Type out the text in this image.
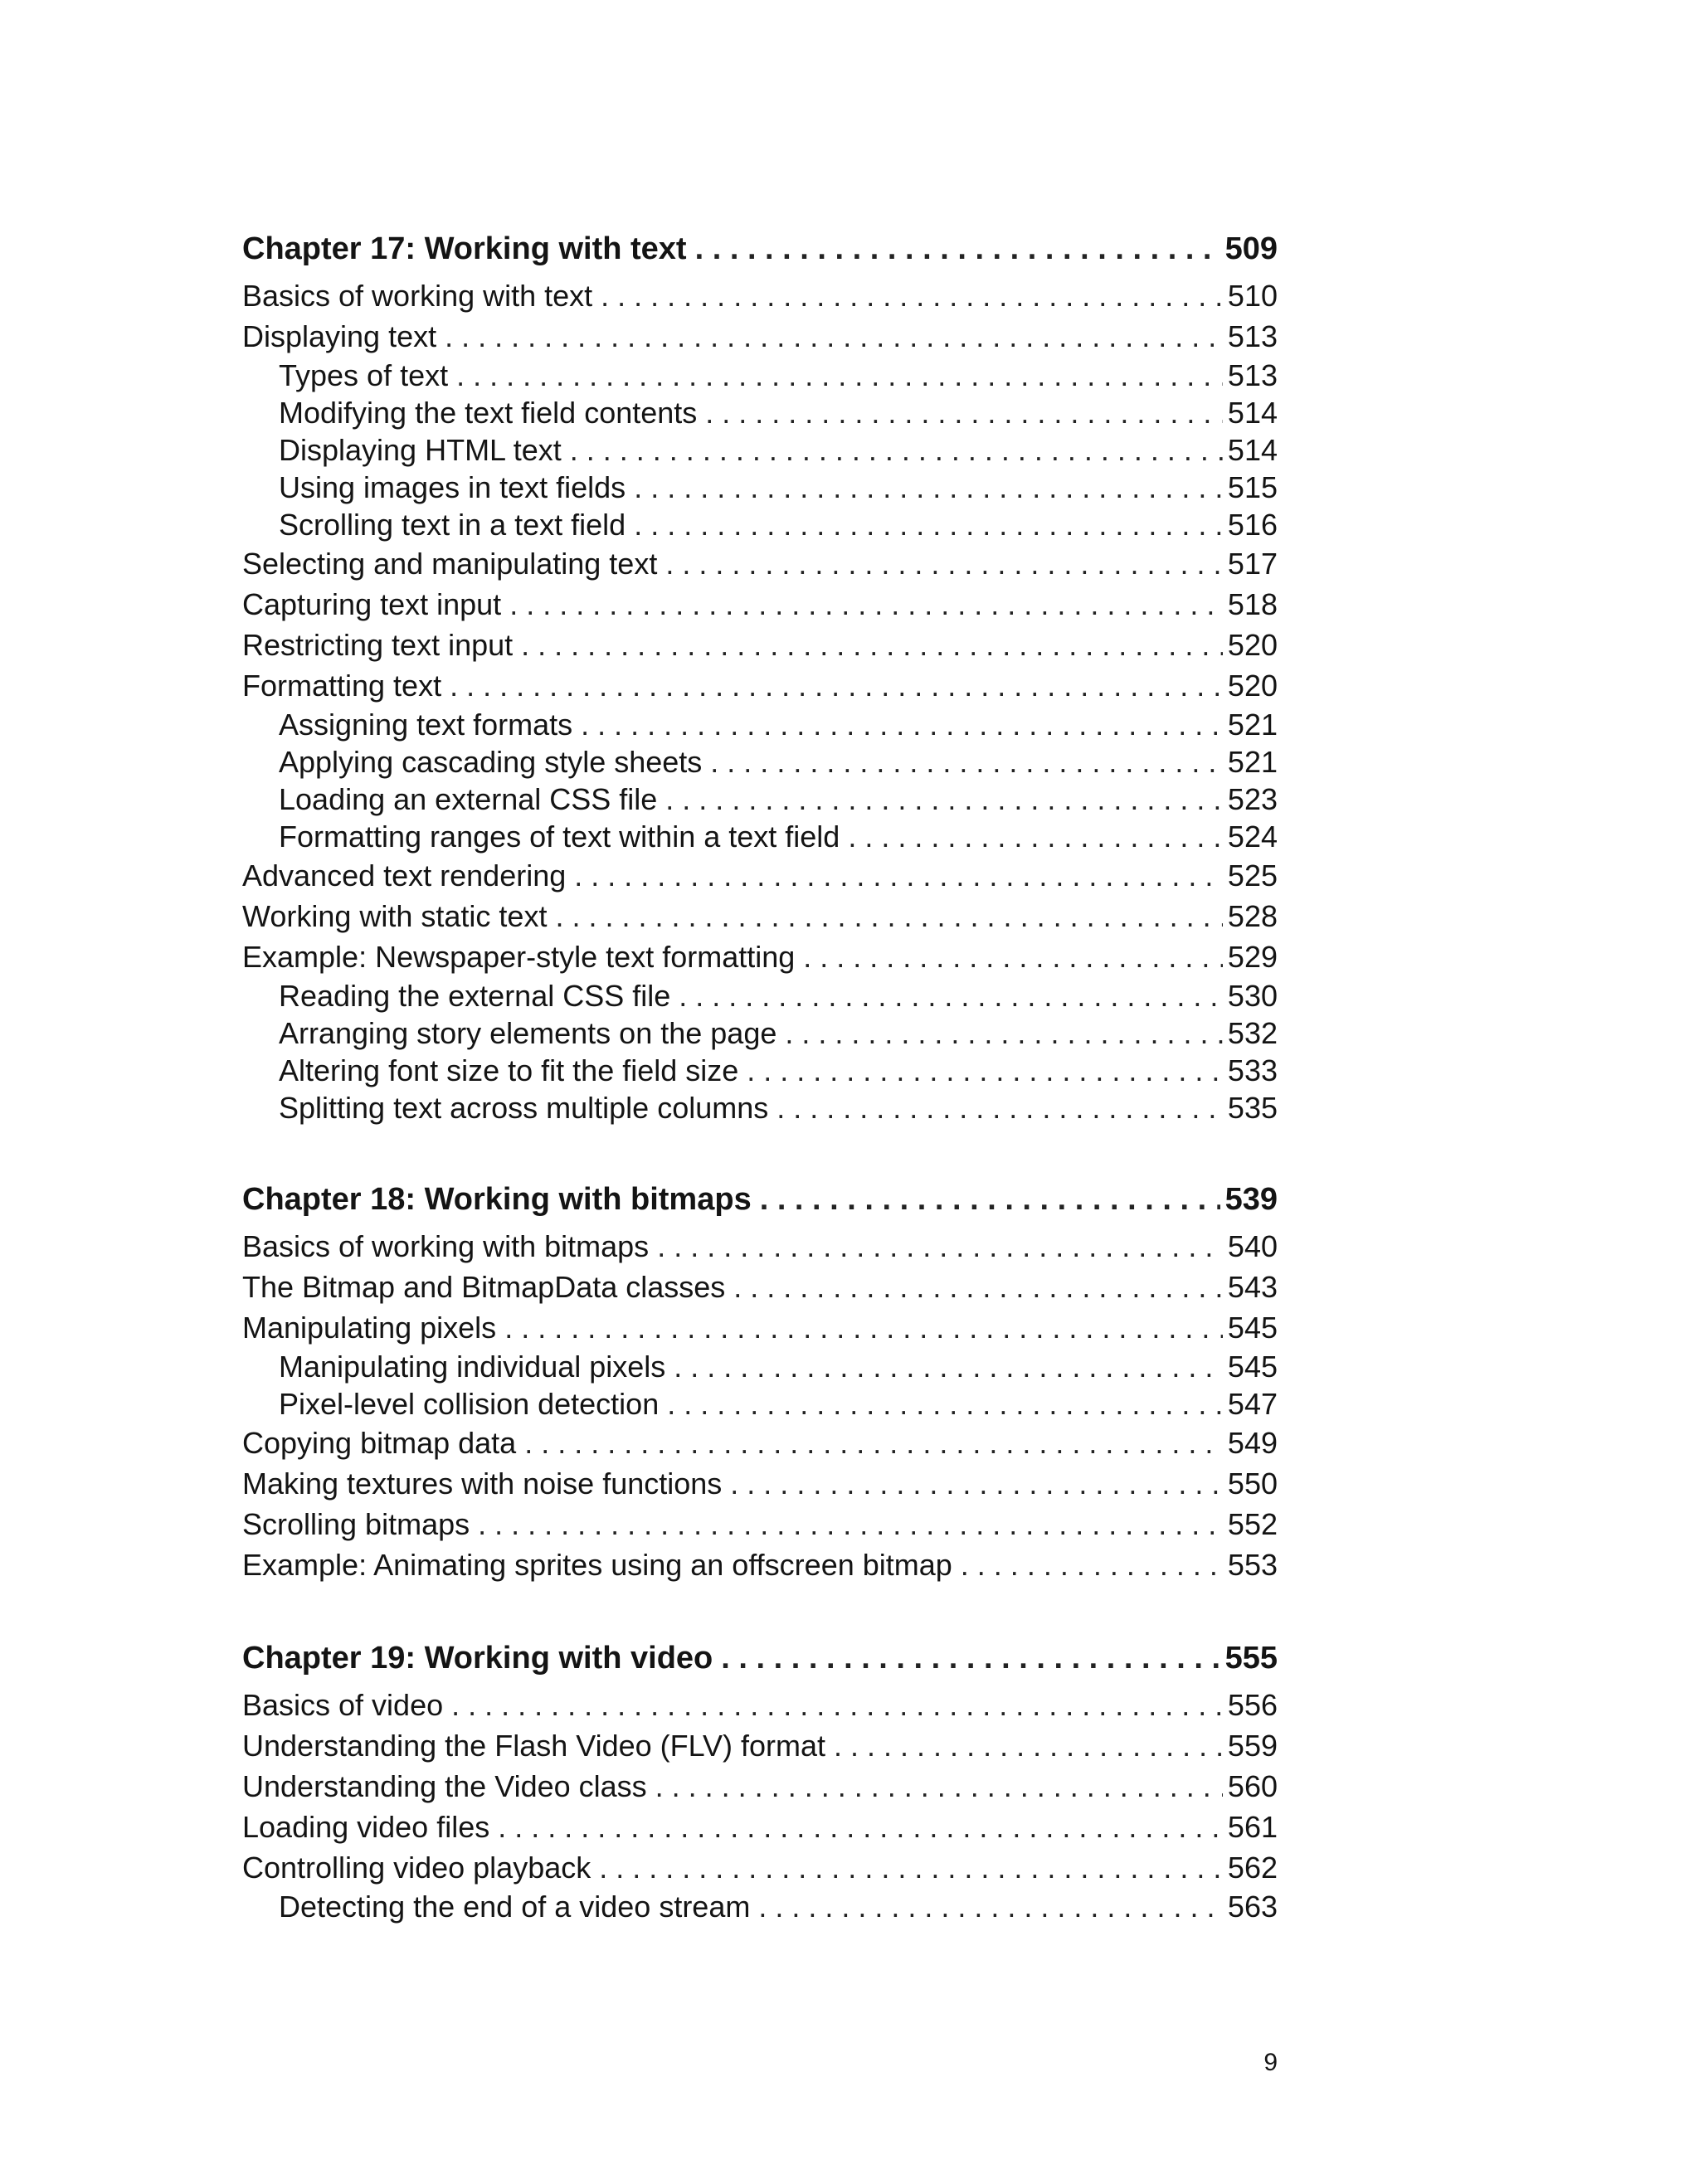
Chapter 17: Working with text . . .	509
Basics of working with text . . .	510
Displaying text . . .	513
Types of text . . .	513
Modifying the text field contents . . .	514
Displaying HTML text . . .	514
Using images in text fields . . .	515
Scrolling text in a text field . . .	516
Selecting and manipulating text . . .	517
Capturing text input . . .	518
Restricting text input . . .	520
Formatting text . . .	520
Assigning text formats . . .	521
Applying cascading style sheets . . .	521
Loading an external CSS file . . .	523
Formatting ranges of text within a text field . . .	524
Advanced text rendering . . .	525
Working with static text . . .	528
Example: Newspaper-style text formatting . . .	529
Reading the external CSS file . . .	530
Arranging story elements on the page . . .	532
Altering font size to fit the field size . . .	533
Splitting text across multiple columns . . .	535
Chapter 18: Working with bitmaps . . .	539
Basics of working with bitmaps . . .	540
The Bitmap and BitmapData classes . . .	543
Manipulating pixels . . .	545
Manipulating individual pixels . . .	545
Pixel-level collision detection . . .	547
Copying bitmap data . . .	549
Making textures with noise functions . . .	550
Scrolling bitmaps . . .	552
Example: Animating sprites using an offscreen bitmap . . .	553
Chapter 19: Working with video . . .	555
Basics of video . . .	556
Understanding the Flash Video (FLV) format . . .	559
Understanding the Video class . . .	560
Loading video files . . .	561
Controlling video playback . . .	562
Detecting the end of a video stream . . .	563
9
